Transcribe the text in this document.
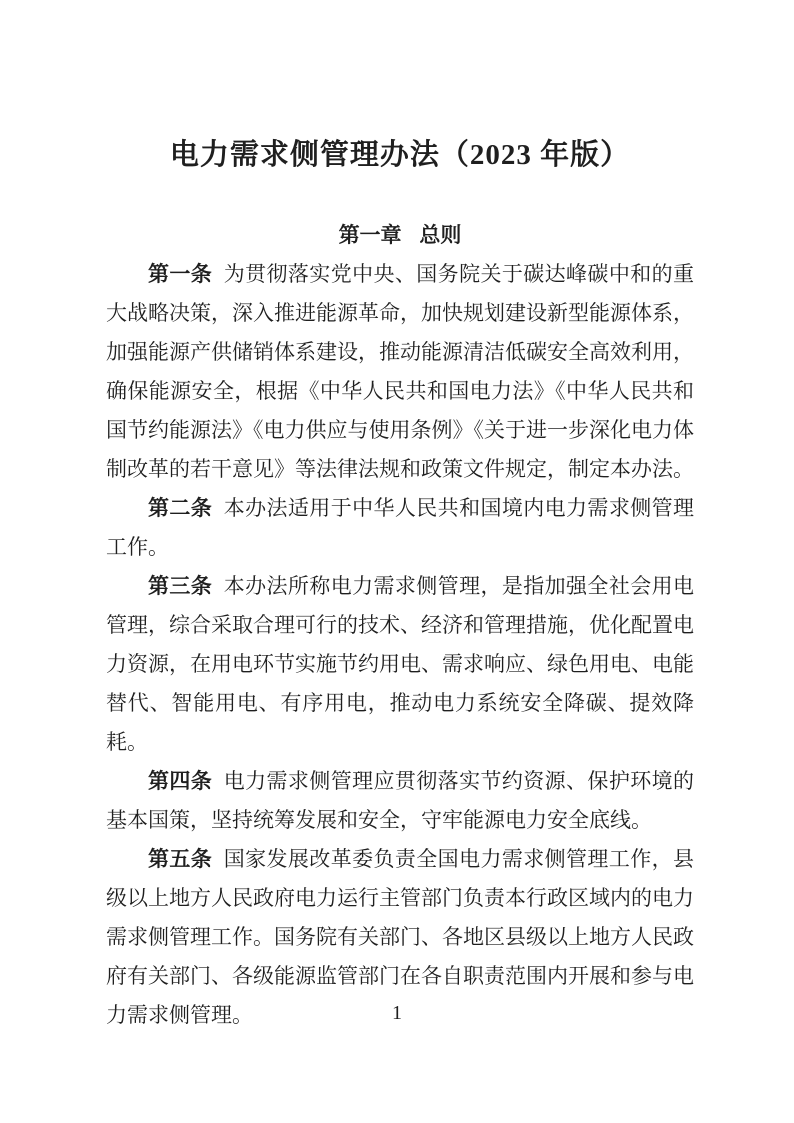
电力需求侧管理办法（2023 年版）
第一章 总则

第一条 为贯彻落实党中央、国务院关于碳达峰碳中和的重大战略决策，深入推进能源革命，加快规划建设新型能源体系，加强能源产供储销体系建设，推动能源清洁低碳安全高效利用，确保能源安全，根据《中华人民共和国电力法》《中华人民共和国节约能源法》《电力供应与使用条例》《关于进一步深化电力体制改革的若干意见》等法律法规和政策文件规定，制定本办法。

第二条 本办法适用于中华人民共和国境内电力需求侧管理工作。

第三条 本办法所称电力需求侧管理，是指加强全社会用电管理，综合采取合理可行的技术、经济和管理措施，优化配置电力资源，在用电环节实施节约用电、需求响应、绿色用电、电能替代、智能用电、有序用电，推动电力系统安全降碳、提效降耗。

第四条 电力需求侧管理应贯彻落实节约资源、保护环境的基本国策，坚持统筹发展和安全，守牢能源电力安全底线。

第五条 国家发展改革委负责全国电力需求侧管理工作，县级以上地方人民政府电力运行主管部门负责本行政区域内的电力需求侧管理工作。国务院有关部门、各地区县级以上地方人民政府有关部门、各级能源监管部门在各自职责范围内开展和参与电力需求侧管理。	1
